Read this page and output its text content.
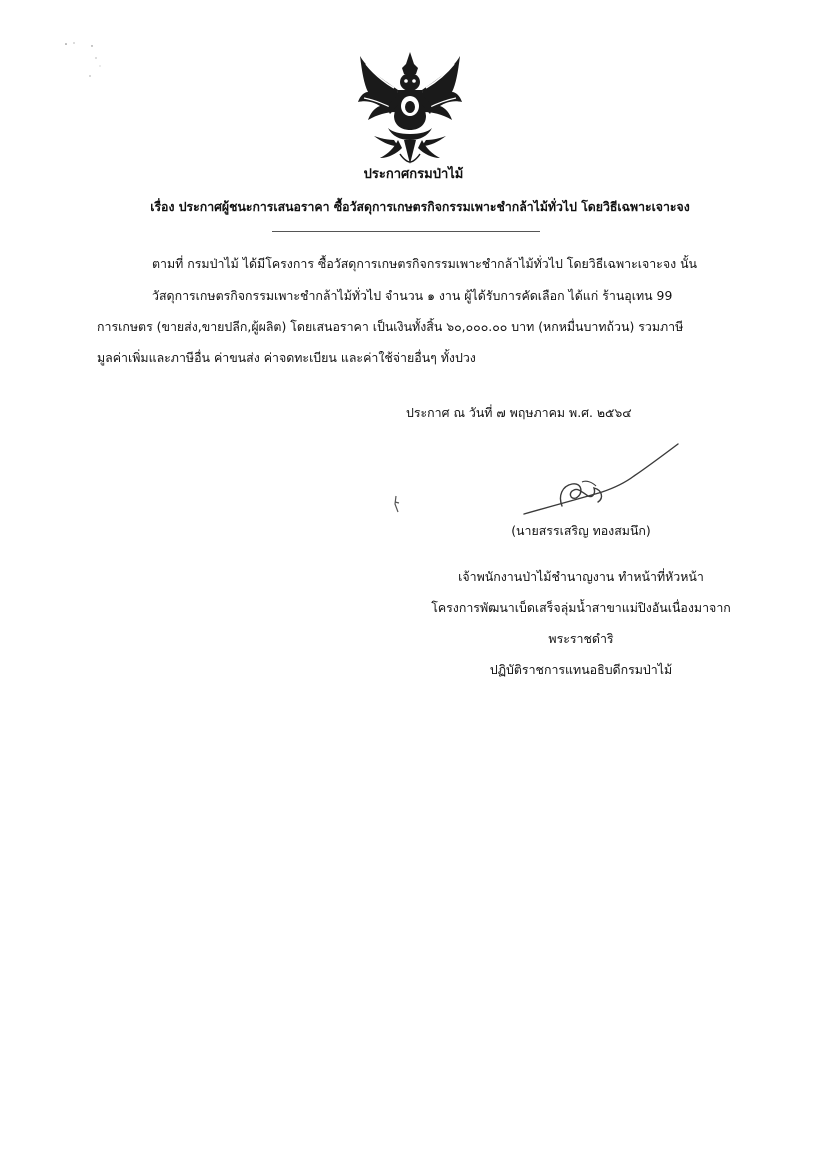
ประกาศกรมป่าไม้
เรื่อง ประกาศผู้ชนะการเสนอราคา ซื้อวัสดุการเกษตรกิจกรรมเพาะชำกล้าไม้ทั่วไป โดยวิธีเฉพาะเจาะจง
ตามที่ กรมป่าไม้ ได้มีโครงการ ซื้อวัสดุการเกษตรกิจกรรมเพาะชำกล้าไม้ทั่วไป โดยวิธีเฉพาะเจาะจง นั้น
วัสดุการเกษตรกิจกรรมเพาะชำกล้าไม้ทั่วไป จำนวน ๑ งาน ผู้ได้รับการคัดเลือก ได้แก่ ร้านอุเทน 99
การเกษตร (ขายส่ง,ขายปลีก,ผู้ผลิต) โดยเสนอราคา เป็นเงินทั้งสิ้น ๖๐,๐๐๐.๐๐ บาท (หกหมื่นบาทถ้วน) รวมภาษี
มูลค่าเพิ่มและภาษีอื่น ค่าขนส่ง ค่าจดทะเบียน และค่าใช้จ่ายอื่นๆ ทั้งปวง
ประกาศ ณ วันที่ ๗ พฤษภาคม พ.ศ. ๒๕๖๔
(นายสรรเสริญ ทองสมนึก)
เจ้าพนักงานป่าไม้ชำนาญงาน ทำหน้าที่หัวหน้า
โครงการพัฒนาเบ็ดเสร็จลุ่มน้ำสาขาแม่ปิงอันเนื่องมาจาก
พระราชดำริ
ปฏิบัติราชการแทนอธิบดีกรมป่าไม้
